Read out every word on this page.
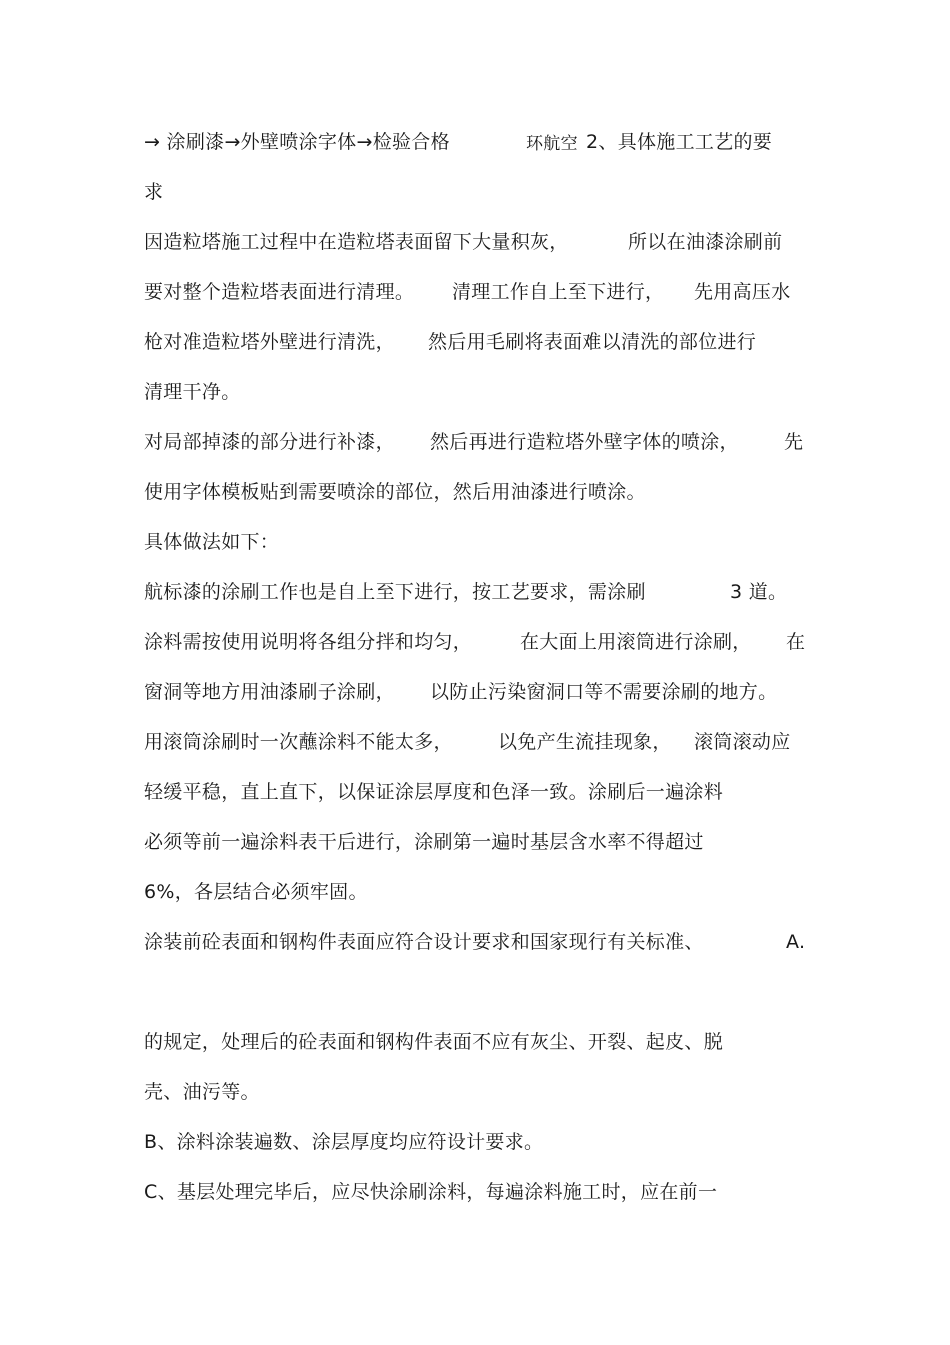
→ 涂刷漆→外壁喷涂字体→检验合格	环航空 2、具体施工工艺的要
求
因造粒塔施工过程中在造粒塔表面留下大量积灰，	所以在油漆涂刷前
要对整个造粒塔表面进行清理。 清理工作自上至下进行， 先用高压水
枪对准造粒塔外壁进行清洗， 然后用毛刷将表面难以清洗的部位进行
清理干净。
对局部掉漆的部分进行补漆， 然后再进行造粒塔外壁字体的喷涂， 先
使用字体模板贴到需要喷涂的部位，然后用油漆进行喷涂。
具体做法如下：
航标漆的涂刷工作也是自上至下进行，按工艺要求，需涂刷	3 道。
涂料需按使用说明将各组分拌和均匀，	在大面上用滚筒进行涂刷， 在
窗洞等地方用油漆刷子涂刷， 以防止污染窗洞口等不需要涂刷的地方。
用滚筒涂刷时一次蘸涂料不能太多， 以免产生流挂现象， 滚筒滚动应
轻缓平稳，直上直下，以保证涂层厚度和色泽一致。涂刷后一遍涂料
必须等前一遍涂料表干后进行，涂刷第一遍时基层含水率不得超过
6%，各层结合必须牢固。
涂装前砼表面和钢构件表面应符合设计要求和国家现行有关标准、	A.
的规定，处理后的砼表面和钢构件表面不应有灰尘、开裂、起皮、脱
壳、油污等。
B、涂料涂装遍数、涂层厚度均应符设计要求。
C、基层处理完毕后，应尽快涂刷涂料，每遍涂料施工时，应在前一
